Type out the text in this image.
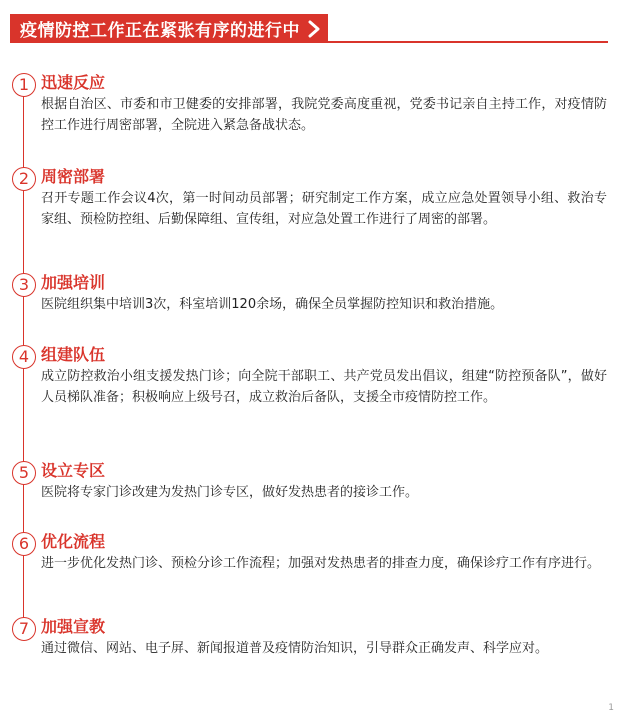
疫情防控工作正在紧张有序的进行中
1 迅速反应
根据自治区、市委和市卫健委的安排部署，我院党委高度重视，党委书记亲自主持工作，对疫情防控工作进行周密部署，全院进入紧急备战状态。
2 周密部署
召开专题工作会议4次，第一时间动员部署；研究制定工作方案，成立应急处置领导小组、救治专家组、预检防控组、后勤保障组、宣传组，对应急处置工作进行了周密的部署。
3 加强培训
医院组织集中培训3次，科室培训120余场，确保全员掌握防控知识和救治措施。
4 组建队伍
成立防控救治小组支援发热门诊；向全院干部职工、共产党员发出倡议，组建“防控预备队”，做好人员梯队准备；积极响应上级号召，成立救治后备队，支援全市疫情防控工作。
5 设立专区
医院将专家门诊改建为发热门诊专区，做好发热患者的接诊工作。
6 优化流程
进一步优化发热门诊、预检分诊工作流程；加强对发热患者的排查力度，确保诊疗工作有序进行。
7 加强宣教
通过微信、网站、电子屏、新闻报道普及疫情防治知识，引导群众正确发声、科学应对。
1
